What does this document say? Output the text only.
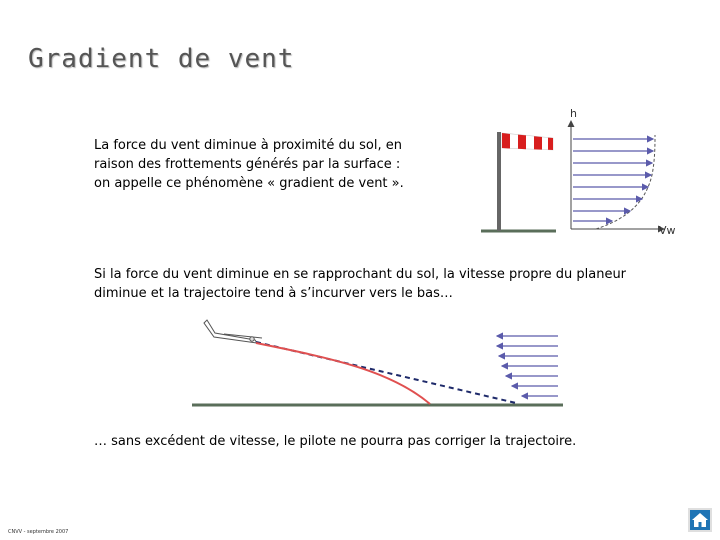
Gradient de vent
La force du vent diminue à proximité du sol, en
raison des frottements générés par la surface :
on appelle ce phénomène « gradient de vent ».
h
Vw
Si la force du vent diminue en se rapprochant du sol, la vitesse propre du planeur
diminue et la trajectoire tend à s’incurver vers le bas…
… sans excédent de vitesse, le pilote ne pourra pas corriger la trajectoire.
CNVV - septembre 2007
